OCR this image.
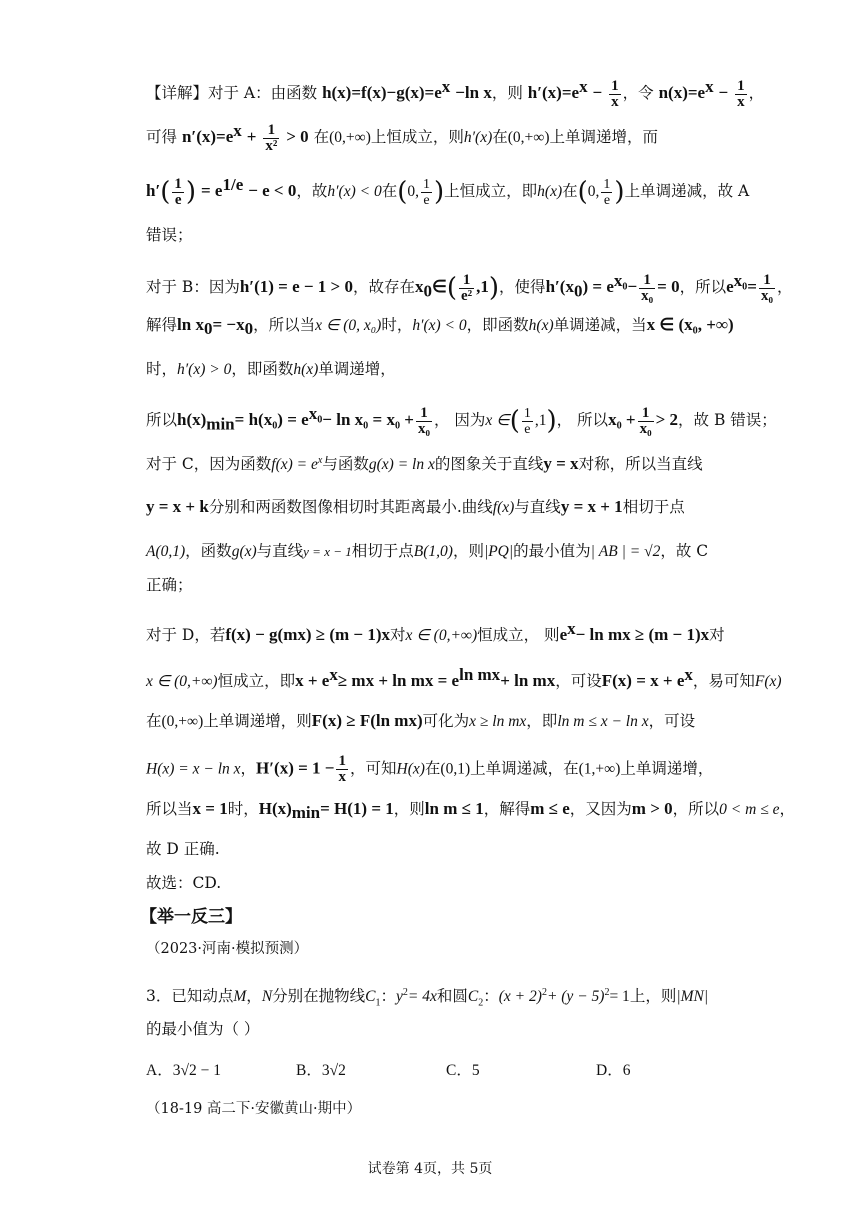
【详解】对于 A：由函数 $h(x)=f(x)-g(x)=e^x -\ln$ x，则 $h'(x)=e^x - \frac{1}{x}$ ，令 $n(x)=e^x - \frac{1}{x}$ ，
可得 $n'(x)=e^x + \frac{1}{\text{x²}} > 0$ 在(0,+∞)上恒成立，则h′(x)在(0,+∞)上单调递增，而
$h'( \frac{1}{e}$ ) = $e^{1/e} - e < 0$，故h′(x) < 0在(0, $\frac{1}{e}$ )上恒成立，即h(x)在(0, $\frac{1}{e}$ )上单调递减，故 A
错误；
对于 B：因为h′(1) = e − 1 > 0，故存在$x_0\in( \frac{1}{\text{e²}} ,1)$，使得$h'(x_0) = e^{x_0}- \frac{1}{\text{x₀}} = 0$，所以$e^{x_0}= \frac{1}{\text{x₀}}$ ，
解得$\ln x_0= -x_0$，所以当x ∈ (0, x₀)时，h′(x) < 0，即函数h(x)单调递减，当x ∈ (x₀, +∞)
时，h′(x) > 0，即函数h(x)单调递增，
所以$h(x)_{min}= h(x_0) = e^{x_0}- \ln x_0 = x_0 + \frac{1}{\text{x₀}}$ ， 因为x ∈( $\frac{1}{e} ,1$)， 所以$x_0 + \frac{1}{\text{x₀}} > 2$，故 B 错误；
对于 C，因为函数$f(x) = e^x$与函数g(x) = ln x的图象关于直线y = x对称，所以当直线
y = x + k分别和两函数图像相切时其距离最小.曲线f(x)与直线y = x + 1相切于点
A(0,1)，函数g(x)与直线y = x − 1相切于点B(1,0)，则|PQ|的最小值为| AB | = √2，故 C
正确；
对于 D，若f(x) − g(mx) ≥ (m − 1)x对x ∈ (0,+∞)恒成立， 则$e^x- \ln$ mx ≥ (m − 1)x对
x ∈ (0,+∞)恒成立，即$x + e^x\ge$ mx + ln mx = $e^{ln mx}+ \ln$ mx，可设$F(x) = x + e^x$，易可知F(x)
在(0,+∞)上单调递增，则F(x) ≥ F(ln mx)可化为x ≥ ln mx，即ln m ≤ x − ln x，可设
H(x) = x − ln x，$H'(x) = 1 - \frac{1}{x}$ ，可知H(x)在(0,1)上单调递减，在(1,+∞)上单调递增，
所以当x = 1时，$H(x)_{min}= H(1) = 1$，则ln m ≤ 1，解得m ≤ e，又因为m > 0，所以0 < m ≤ e，
故 D 正确.
故选：CD.
【举一反三】
（2023·河南·模拟预测）
3．已知动点M，N分别在抛物线$C_1$：$y^2= 4x$和圆$C_2$：$(x + 2)^2+ (y - 5)^2= 1$上，则|MN|
的最小值为（ ）
A．3√2 − 1	B．3√2	C．5	D．6
（18-19 高二下·安徽黄山·期中）
试卷第 4页，共 5页
